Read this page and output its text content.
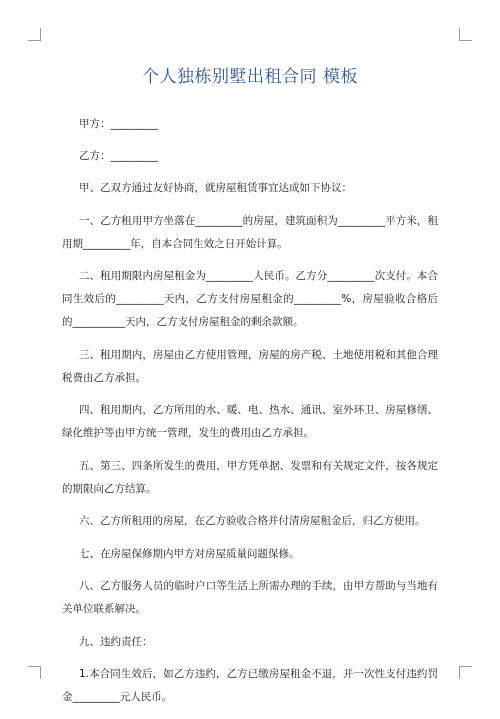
个人独栋别墅出租合同 模板

甲方：_________

乙方：_________

甲、乙双方通过友好协商，就房屋租赁事宜达成如下协议：

一、乙方租用甲方坐落在_________的房屋，建筑面积为_________平方米，租用期_________年，自本合同生效之日开始计算。

二、租用期限内房屋租金为_________人民币。乙方分_________次支付。本合同生效后的_________天内，乙方支付房屋租金的_________%，房屋验收合格后的__________天内，乙方支付房屋租金的剩余款额。

三、租用期内，房屋由乙方使用管理，房屋的房产税、土地使用税和其他合理税费由乙方承担。

四、租用期内，乙方所用的水、暖、电、热水、通讯、室外环卫、房屋修缮、绿化维护等由甲方统一管理，发生的费用由乙方承担。

五、第三、四条所发生的费用，甲方凭单据、发票和有关规定文件，按各规定的期限向乙方结算。

六、乙方所租用的房屋，在乙方验收合格并付清房屋租金后，归乙方使用。

七、在房屋保修期内甲方对房屋质量问题保修。

八、乙方服务人员的临时户口等生活上所需办理的手续，由甲方帮助与当地有关单位联系解决。

九、违约责任：

1.本合同生效后，如乙方违约，乙方已缴房屋租金不退，并一次性支付违约罚金_________元人民币。
